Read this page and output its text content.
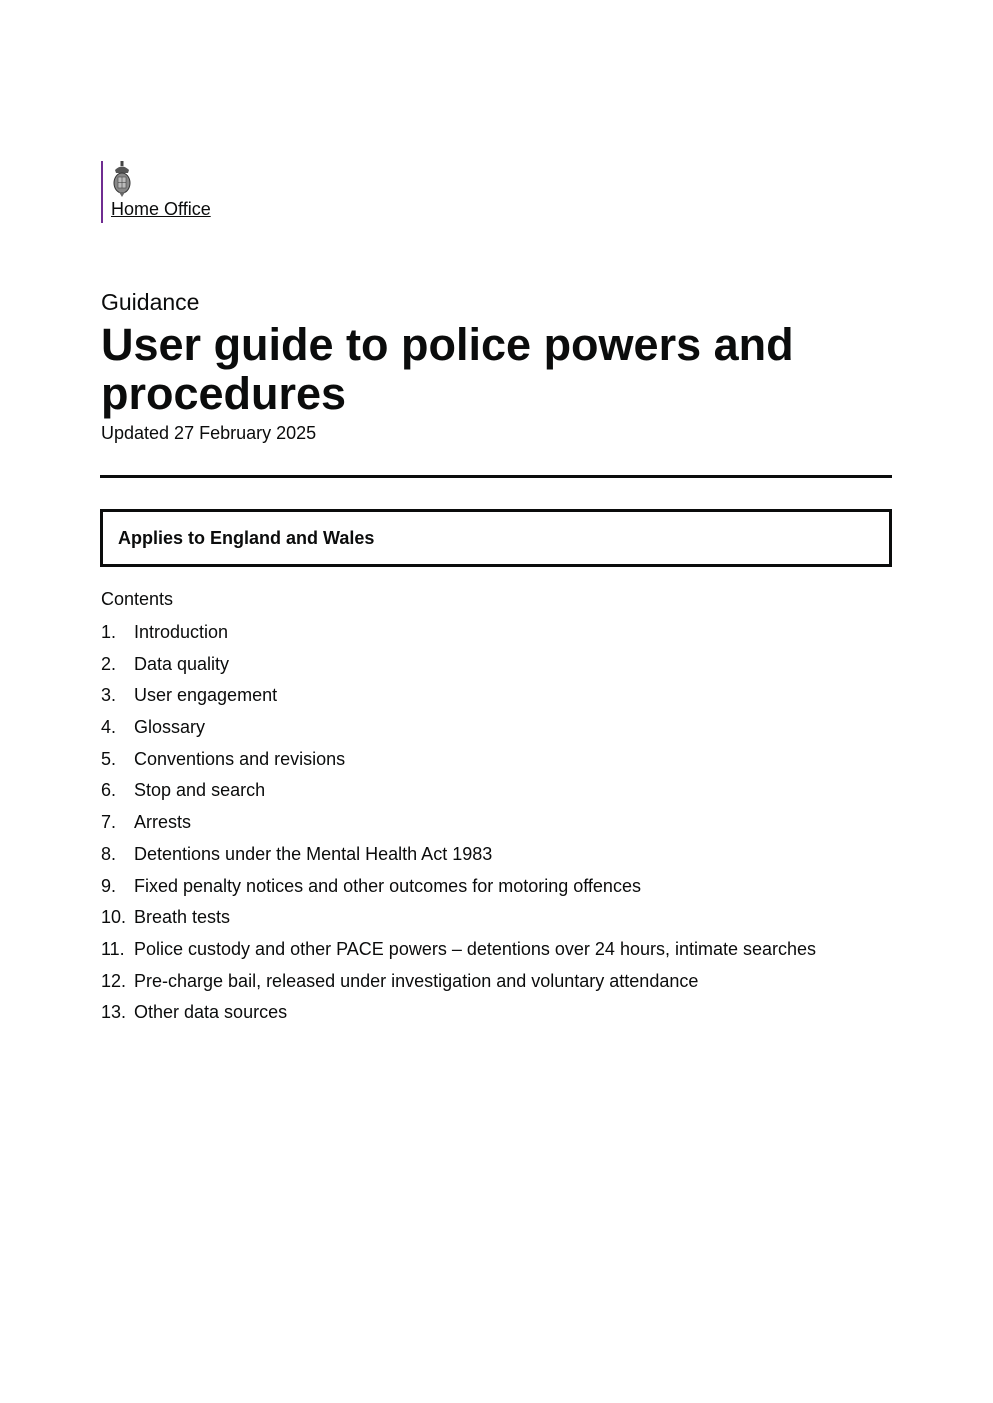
Home Office
Guidance
User guide to police powers and procedures
Updated 27 February 2025
Applies to England and Wales
Contents
1. Introduction
2. Data quality
3. User engagement
4. Glossary
5. Conventions and revisions
6. Stop and search
7. Arrests
8. Detentions under the Mental Health Act 1983
9. Fixed penalty notices and other outcomes for motoring offences
10. Breath tests
11. Police custody and other PACE powers – detentions over 24 hours, intimate searches
12. Pre-charge bail, released under investigation and voluntary attendance
13. Other data sources
